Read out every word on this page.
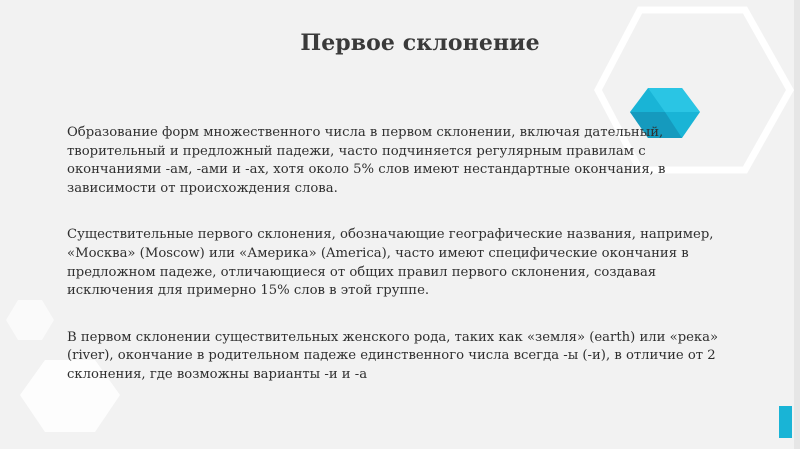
Первое склонение

Образование форм множественного числа в первом склонении, включая дательный, творительный и предложный падежи, часто подчиняется регулярным правилам с окончаниями -ам, -ами и -ах, хотя около 5% слов имеют нестандартные окончания, в зависимости от происхождения слова.

Существительные первого склонения, обозначающие географические названия, например, «Москва» (Moscow) или «Америка» (America), часто имеют специфические окончания в предложном падеже, отличающиеся от общих правил первого склонения, создавая исключения для примерно 15% слов в этой группе.

В первом склонении существительных женского рода, таких как «земля» (earth) или «река» (river), окончание в родительном падеже единственного числа всегда -ы (-и), в отличие от 2 склонения, где возможны варианты -и и -а
